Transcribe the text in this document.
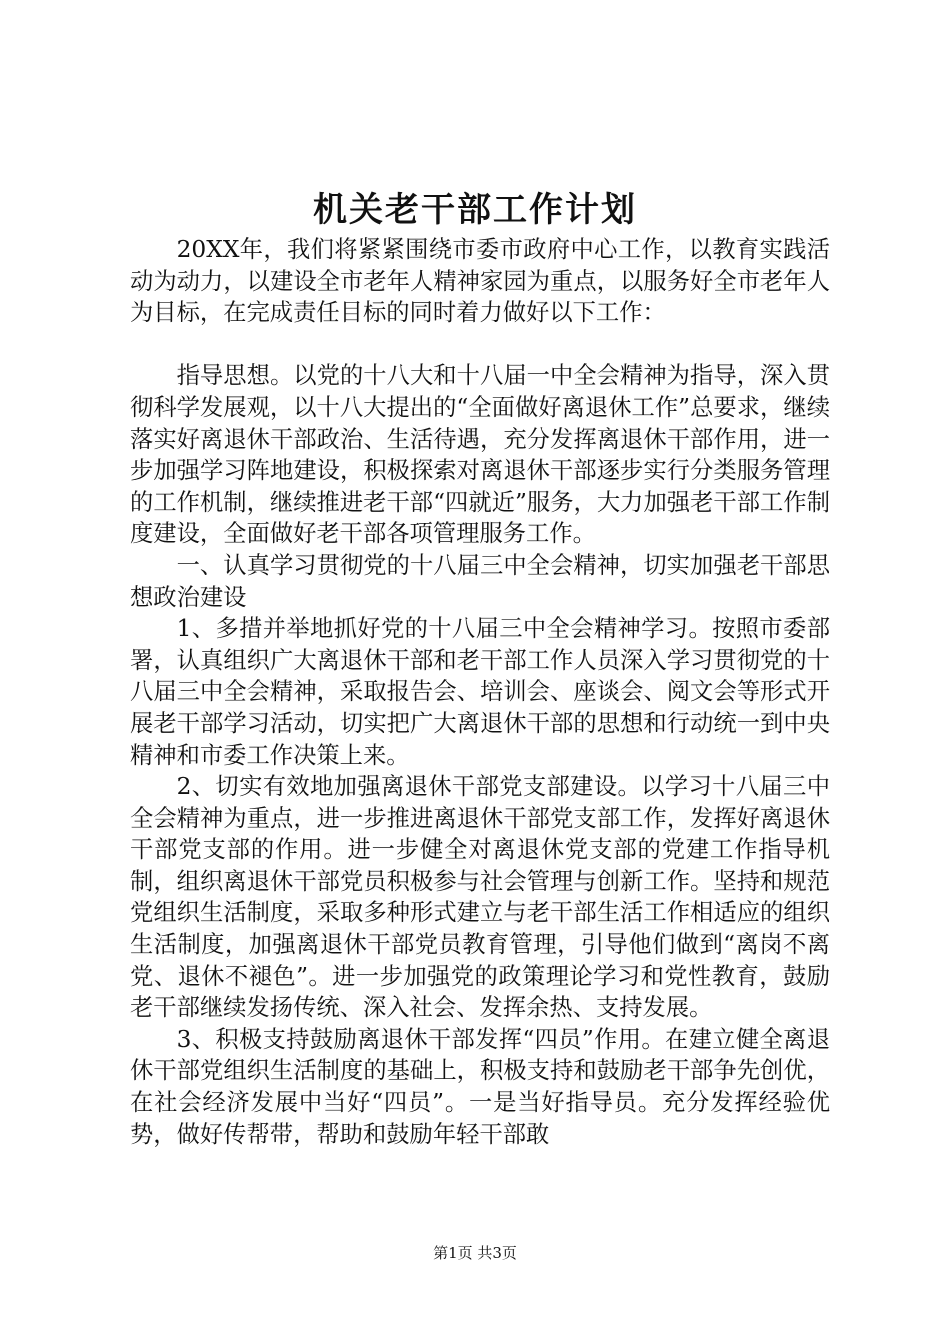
机关老干部工作计划

20XX年，我们将紧紧围绕市委市政府中心工作，以教育实践活动为动力，以建设全市老年人精神家园为重点，以服务好全市老年人为目标，在完成责任目标的同时着力做好以下工作：

指导思想。以党的十八大和十八届一中全会精神为指导，深入贯彻科学发展观，以十八大提出的“全面做好离退休工作”总要求，继续落实好离退休干部政治、生活待遇，充分发挥离退休干部作用，进一步加强学习阵地建设，积极探索对离退休干部逐步实行分类服务管理的工作机制，继续推进老干部“四就近”服务，大力加强老干部工作制度建设，全面做好老干部各项管理服务工作。

一、认真学习贯彻党的十八届三中全会精神，切实加强老干部思想政治建设

1、多措并举地抓好党的十八届三中全会精神学习。按照市委部署，认真组织广大离退休干部和老干部工作人员深入学习贯彻党的十八届三中全会精神，采取报告会、培训会、座谈会、阅文会等形式开展老干部学习活动，切实把广大离退休干部的思想和行动统一到中央精神和市委工作决策上来。

2、切实有效地加强离退休干部党支部建设。以学习十八届三中全会精神为重点，进一步推进离退休干部党支部工作，发挥好离退休干部党支部的作用。进一步健全对离退休党支部的党建工作指导机制，组织离退休干部党员积极参与社会管理与创新工作。坚持和规范党组织生活制度，采取多种形式建立与老干部生活工作相适应的组织生活制度，加强离退休干部党员教育管理，引导他们做到“离岗不离党、退休不褪色”。进一步加强党的政策理论学习和党性教育，鼓励老干部继续发扬传统、深入社会、发挥余热、支持发展。

3、积极支持鼓励离退休干部发挥“四员”作用。在建立健全离退休干部党组织生活制度的基础上，积极支持和鼓励老干部争先创优，在社会经济发展中当好“四员”。一是当好指导员。充分发挥经验优势，做好传帮带，帮助和鼓励年轻干部敢

第1页 共3页
